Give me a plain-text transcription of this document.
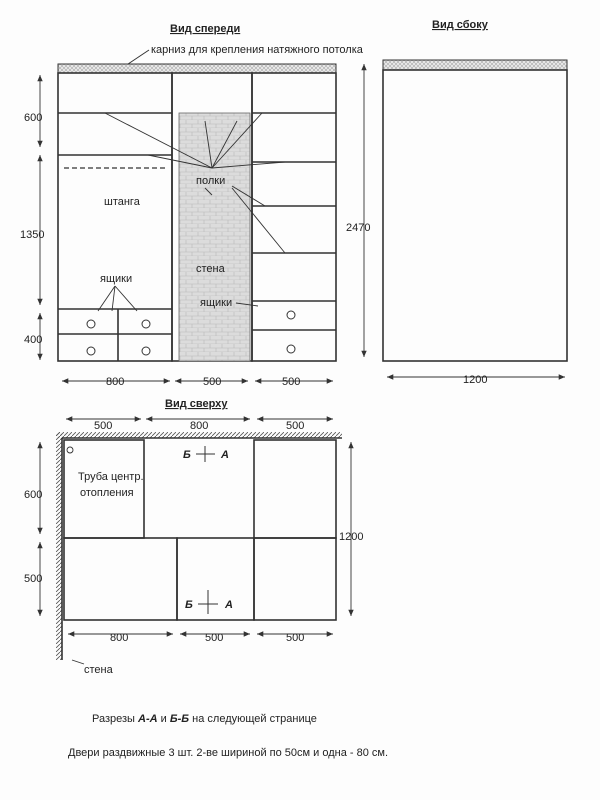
Вид спереди
карниз для крепления натяжного потолка
штанга
полки
стена
ящики
ящики
600
1350
400
800	500	500
Вид сбоку
2470
1200
Вид сверху
Труба центр.
отопления
Б	А
Б	А
500	800	500
600
500
1200
800	500	500
стена
Разрезы А-А и Б-Б на следующей странице
Двери раздвижные 3 шт. 2-ве шириной по 50см и одна - 80 см.
